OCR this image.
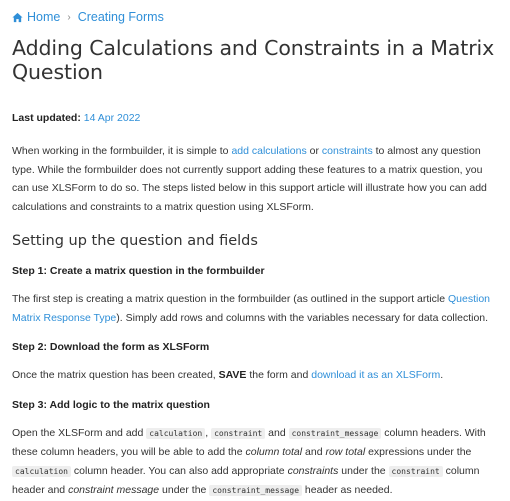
Home › Creating Forms
Adding Calculations and Constraints in a Matrix Question
Last updated: 14 Apr 2022

When working in the formbuilder, it is simple to add calculations or constraints to almost any question type. While the formbuilder does not currently support adding these features to a matrix question, you can use XLSForm to do so. The steps listed below in this support article will illustrate how you can add calculations and constraints to a matrix question using XLSForm.

Setting up the question and fields
Step 1: Create a matrix question in the formbuilder

The first step is creating a matrix question in the formbuilder (as outlined in the support article Question Matrix Response Type). Simply add rows and columns with the variables necessary for data collection.

Step 2: Download the form as XLSForm

Once the matrix question has been created, SAVE the form and download it as an XLSForm.

Step 3: Add logic to the matrix question

Open the XLSForm and add calculation , constraint and constraint_message column headers. With these column headers, you will be able to add the column total and row total expressions under the calculation column header. You can also add appropriate constraints under the constraint column header and constraint message under the constraint_message header as needed.
